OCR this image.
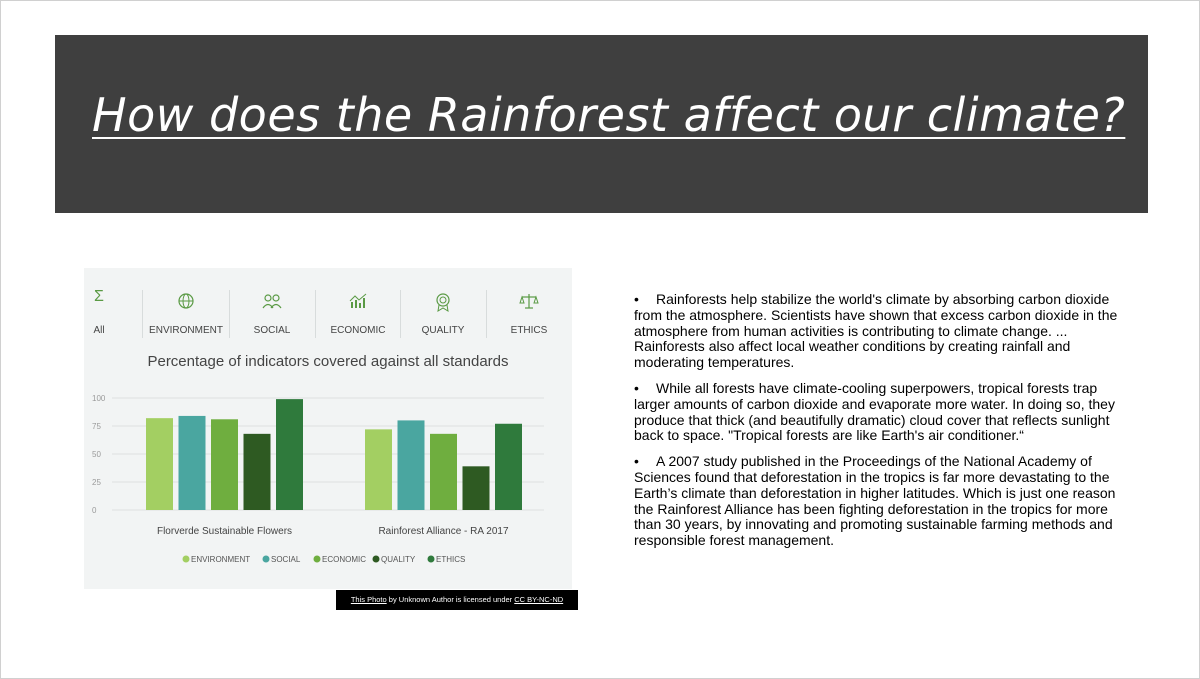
How does the Rainforest affect our climate?
Σ
All	ENVIRONMENT	SOCIAL	ECONOMIC	QUALITY	ETHICS
Percentage of indicators covered against all standards
100
75
50
25
0
Florverde Sustainable Flowers	Rainforest Alliance - RA 2017
ENVIRONMENT	SOCIAL	ECONOMIC QUALITY	ETHICS
This Photo by Unknown Author is licensed under CC BY-NC-ND

• Rainforests help stabilize the world's climate by absorbing carbon dioxide from the atmosphere. Scientists have shown that excess carbon dioxide in the atmosphere from human activities is contributing to climate change. ... Rainforests also affect local weather conditions by creating rainfall and moderating temperatures.

• While all forests have climate-cooling superpowers, tropical forests trap larger amounts of carbon dioxide and evaporate more water. In doing so, they produce that thick (and beautifully dramatic) cloud cover that reflects sunlight back to space. "Tropical forests are like Earth's air conditioner.“

• A 2007 study published in the Proceedings of the National Academy of Sciences found that deforestation in the tropics is far more devastating to the Earth’s climate than deforestation in higher latitudes. Which is just one reason the Rainforest Alliance has been fighting deforestation in the tropics for more than 30 years, by innovating and promoting sustainable farming methods and responsible forest management.
